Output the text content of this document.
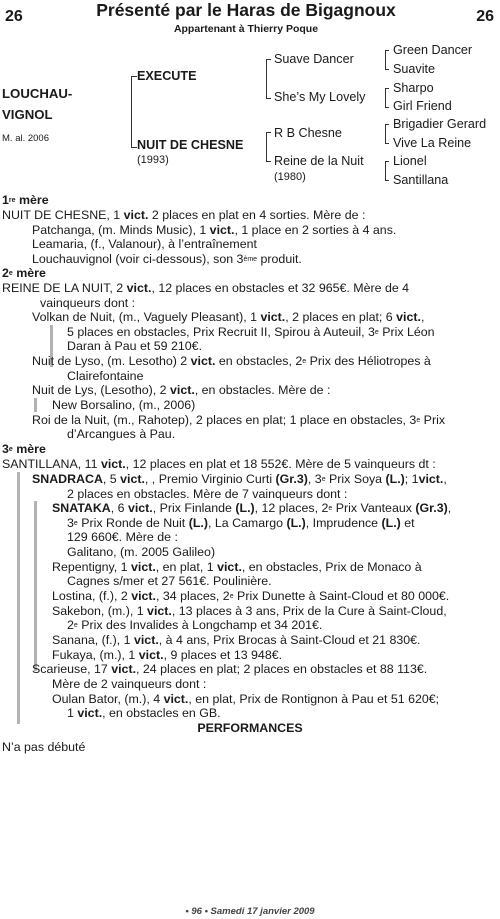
26	Présenté par le Haras de Bigagnoux
Appartenant à Thierry Poque
26
LOUCHAU-
VIGNOL
M. al. 2006
EXECUTE
NUIT DE CHESNE
(1993)
Suave Dancer
She’s My Lovely
R B Chesne
Reine de la Nuit
(1980)
Green Dancer
Suavite
Sharpo
Girl Friend
Brigadier Gerard
Vive La Reine
Lionel
Santillana
1re mère
NUIT DE CHESNE, 1 vict. 2 places en plat en 4 sorties. Mère de :
Patchanga, (m. Minds Music), 1 vict., 1 place en 2 sorties à 4 ans.
Leamaria, (f., Valanour), à l’entraînement
Louchauvignol (voir ci-dessous), son 3ème produit.
2e mère
REINE DE LA NUIT, 2 vict., 12 places en obstacles et 32 965€. Mère de 4
vainqueurs dont :
Volkan de Nuit, (m., Vaguely Pleasant), 1 vict., 2 places en plat; 6 vict.,
5 places en obstacles, Prix Recruit II, Spirou à Auteuil, 3e Prix Léon
Daran à Pau et 59 210€.
Nuit de Lyso, (m. Lesotho) 2 vict. en obstacles, 2e Prix des Héliotropes à
Clairefontaine
Nuit de Lys, (Lesotho), 2 vict., en obstacles. Mère de :
New Borsalino, (m., 2006)
Roi de la Nuit, (m., Rahotep), 2 places en plat; 1 place en obstacles, 3e Prix
d’Arcangues à Pau.
3e mère
SANTILLANA, 11 vict., 12 places en plat et 18 552€. Mère de 5 vainqueurs dt :
SNADRACA, 5 vict., , Premio Virginio Curti (Gr.3), 3e Prix Soya (L.); 1vict.,
2 places en obstacles. Mère de 7 vainqueurs dont :
SNATAKA, 6 vict., Prix Finlande (L.), 12 places, 2e Prix Vanteaux (Gr.3),
3e Prix Ronde de Nuit (L.), La Camargo (L.), Imprudence (L.) et
129 660€. Mère de :
Galitano, (m. 2005 Galileo)
Repentigny, 1 vict., en plat, 1 vict., en obstacles, Prix de Monaco à
Cagnes s/mer et 27 561€. Poulinière.
Lostina, (f.), 2 vict., 34 places, 2e Prix Dunette à Saint-Cloud et 80 000€.
Sakebon, (m.), 1 vict., 13 places à 3 ans, Prix de la Cure à Saint-Cloud,
2e Prix des Invalides à Longchamp et 34 201€.
Sanana, (f.), 1 vict., à 4 ans, Prix Brocas à Saint-Cloud et 21 830€.
Fukaya, (m.), 1 vict., 9 places et 13 948€.
Scarieuse, 17 vict., 24 places en plat; 2 places en obstacles et 88 113€.
Mère de 2 vainqueurs dont :
Oulan Bator, (m.), 4 vict., en plat, Prix de Rontignon à Pau et 51 620€;
1 vict., en obstacles en GB.
PERFORMANCES
N’a pas débuté
• 96 • Samedi 17 janvier 2009
